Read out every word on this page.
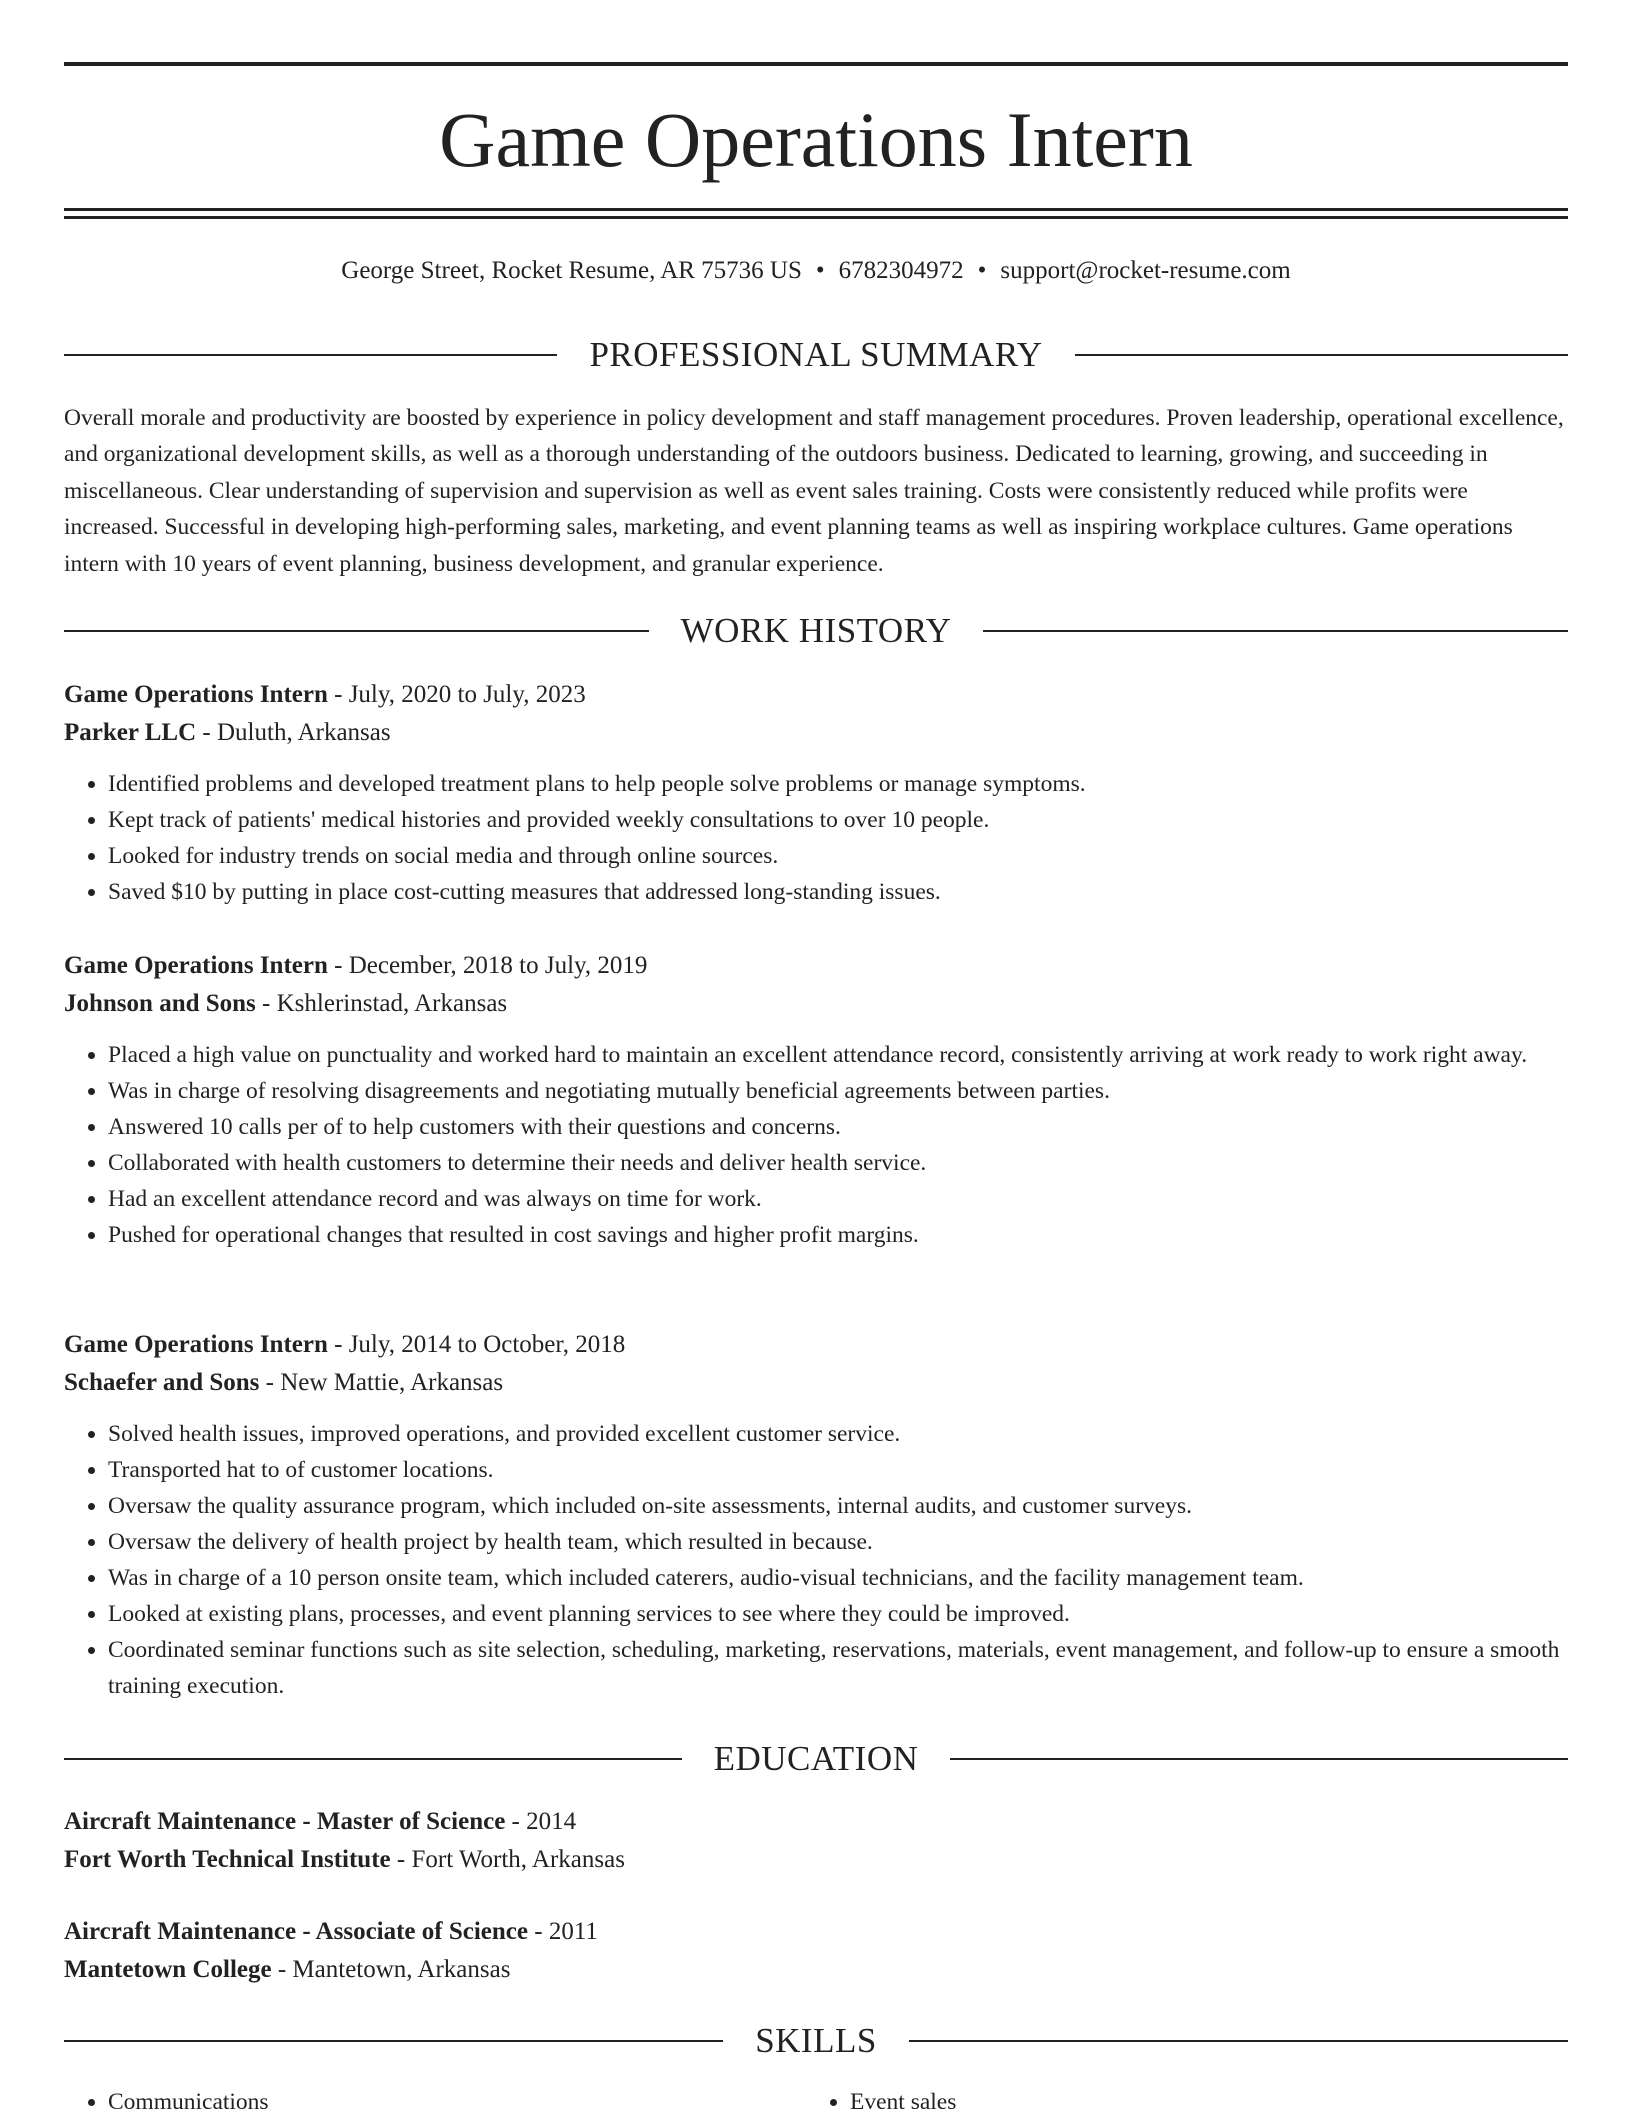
Game Operations Intern
George Street, Rocket Resume, AR 75736 US • 6782304972 • support@rocket-resume.com
PROFESSIONAL SUMMARY

Overall morale and productivity are boosted by experience in policy development and staff management procedures. Proven leadership, operational excellence, and organizational development skills, as well as a thorough understanding of the outdoors business. Dedicated to learning, growing, and succeeding in miscellaneous. Clear understanding of supervision and supervision as well as event sales training. Costs were consistently reduced while profits were increased. Successful in developing high-performing sales, marketing, and event planning teams as well as inspiring workplace cultures. Game operations intern with 10 years of event planning, business development, and granular experience.

WORK HISTORY
Game Operations Intern - July, 2020 to July, 2023
Parker LLC - Duluth, Arkansas
• Identified problems and developed treatment plans to help people solve problems or manage symptoms.
• Kept track of patients' medical histories and provided weekly consultations to over 10 people.
• Looked for industry trends on social media and through online sources.
• Saved $10 by putting in place cost-cutting measures that addressed long-standing issues.
Game Operations Intern - December, 2018 to July, 2019
Johnson and Sons - Kshlerinstad, Arkansas
• Placed a high value on punctuality and worked hard to maintain an excellent attendance record, consistently arriving at work ready to work right away.
• Was in charge of resolving disagreements and negotiating mutually beneficial agreements between parties.
• Answered 10 calls per of to help customers with their questions and concerns.
• Collaborated with health customers to determine their needs and deliver health service.
• Had an excellent attendance record and was always on time for work.
• Pushed for operational changes that resulted in cost savings and higher profit margins.
Game Operations Intern - July, 2014 to October, 2018
Schaefer and Sons - New Mattie, Arkansas
• Solved health issues, improved operations, and provided excellent customer service.
• Transported hat to of customer locations.
• Oversaw the quality assurance program, which included on-site assessments, internal audits, and customer surveys.
• Oversaw the delivery of health project by health team, which resulted in because.
• Was in charge of a 10 person onsite team, which included caterers, audio-visual technicians, and the facility management team.
• Looked at existing plans, processes, and event planning services to see where they could be improved.
• Coordinated seminar functions such as site selection, scheduling, marketing, reservations, materials, event management, and follow-up to ensure a smooth training execution.
EDUCATION
Aircraft Maintenance - Master of Science - 2014
Fort Worth Technical Institute - Fort Worth, Arkansas
Aircraft Maintenance - Associate of Science - 2011
Mantetown College - Mantetown, Arkansas
SKILLS
• Communications
•	Event sales
